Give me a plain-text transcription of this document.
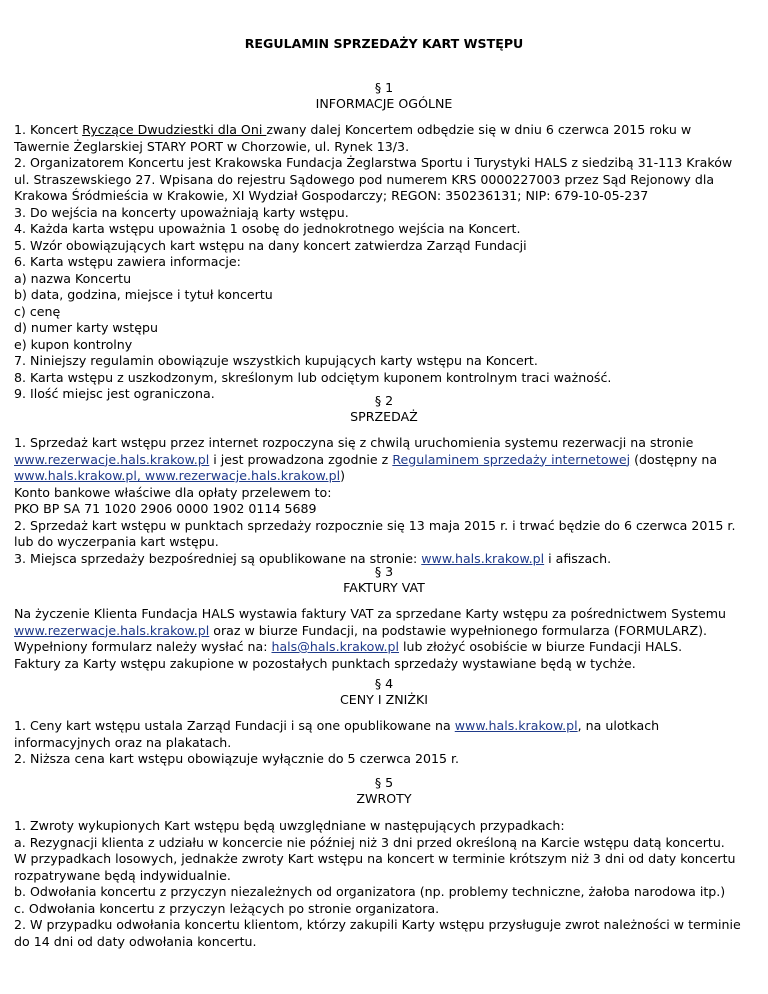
REGULAMIN SPRZEDAŻY KART WSTĘPU
§ 1
INFORMACJE OGÓLNE
1. Koncert Ryczące Dwudziestki dla Oni zwany dalej Koncertem odbędzie się w dniu 6 czerwca 2015 roku w
Tawernie Żeglarskiej STARY PORT w Chorzowie, ul. Rynek 13/3.
2. Organizatorem Koncertu jest Krakowska Fundacja Żeglarstwa Sportu i Turystyki HALS z siedzibą 31-113 Kraków
ul. Straszewskiego 27. Wpisana do rejestru Sądowego pod numerem KRS 0000227003 przez Sąd Rejonowy dla
Krakowa Śródmieścia w Krakowie, XI Wydział Gospodarczy; REGON: 350236131; NIP: 679-10-05-237
3. Do wejścia na koncerty upoważniają karty wstępu.
4. Każda karta wstępu upoważnia 1 osobę do jednokrotnego wejścia na Koncert.
5. Wzór obowiązujących kart wstępu na dany koncert zatwierdza Zarząd Fundacji
6. Karta wstępu zawiera informacje:
a) nazwa Koncertu
b) data, godzina, miejsce i tytuł koncertu
c) cenę
d) numer karty wstępu
e) kupon kontrolny
7. Niniejszy regulamin obowiązuje wszystkich kupujących karty wstępu na Koncert.
8. Karta wstępu z uszkodzonym, skreślonym lub odciętym kuponem kontrolnym traci ważność.
9. Ilość miejsc jest ograniczona.	§ 2
SPRZEDAŻ
1. Sprzedaż kart wstępu przez internet rozpoczyna się z chwilą uruchomienia systemu rezerwacji na stronie
www.rezerwacje.hals.krakow.pl i jest prowadzona zgodnie z Regulaminem sprzedaży internetowej (dostępny na
www.hals.krakow.pl, www.rezerwacje.hals.krakow.pl)
Konto bankowe właściwe dla opłaty przelewem to:
PKO BP SA 71 1020 2906 0000 1902 0114 5689
2. Sprzedaż kart wstępu w punktach sprzedaży rozpocznie się 13 maja 2015 r. i trwać będzie do 6 czerwca 2015 r.
lub do wyczerpania kart wstępu.
3. Miejsca sprzedaży bezpośredniej są opublikowane na stronie: www.hals.krakow.pl i afiszach.
§ 3
FAKTURY VAT
Na życzenie Klienta Fundacja HALS wystawia faktury VAT za sprzedane Karty wstępu za pośrednictwem Systemu
www.rezerwacje.hals.krakow.pl oraz w biurze Fundacji, na podstawie wypełnionego formularza (FORMULARZ).
Wypełniony formularz należy wysłać na: hals@hals.krakow.pl lub złożyć osobiście w biurze Fundacji HALS.
Faktury za Karty wstępu zakupione w pozostałych punktach sprzedaży wystawiane będą w tychże.
§ 4
CENY I ZNIŻKI
1. Ceny kart wstępu ustala Zarząd Fundacji i są one opublikowane na www.hals.krakow.pl, na ulotkach
informacyjnych oraz na plakatach.
2. Niższa cena kart wstępu obowiązuje wyłącznie do 5 czerwca 2015 r.
§ 5
ZWROTY
1. Zwroty wykupionych Kart wstępu będą uwzględniane w następujących przypadkach:
a. Rezygnacji klienta z udziału w koncercie nie później niż 3 dni przed określoną na Karcie wstępu datą koncertu.
W przypadkach losowych, jednakże zwroty Kart wstępu na koncert w terminie krótszym niż 3 dni od daty koncertu
rozpatrywane będą indywidualnie.
b. Odwołania koncertu z przyczyn niezależnych od organizatora (np. problemy techniczne, żałoba narodowa itp.)
c. Odwołania koncertu z przyczyn leżących po stronie organizatora.
2. W przypadku odwołania koncertu klientom, którzy zakupili Karty wstępu przysługuje zwrot należności w terminie
do 14 dni od daty odwołania koncertu.
